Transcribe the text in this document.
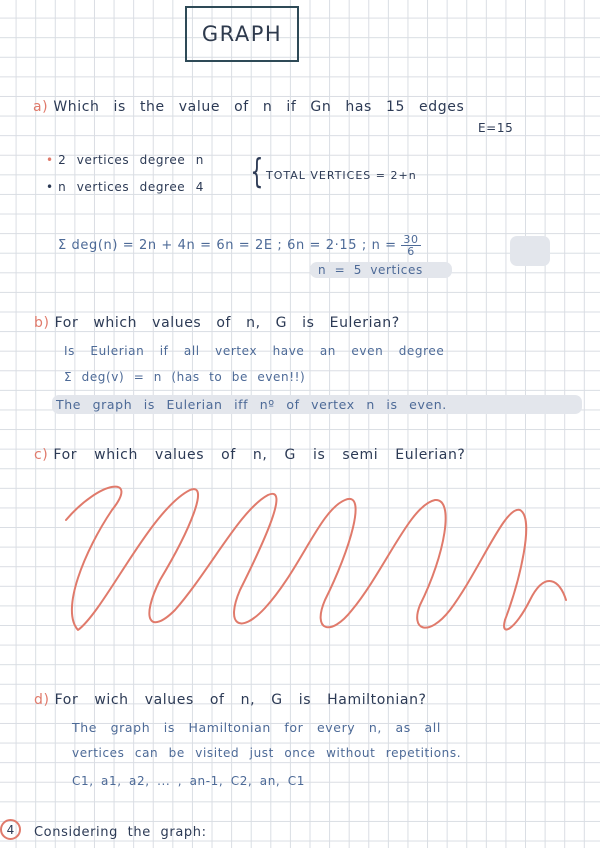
GRAPH
a) Which is the value of n if Gn has 15 edges
E=15
• 2 vertices degree n
• n vertices degree 4 { TOTAL VERTICES = 2+n
Σ deg(n) = 2n + 4n = 6n = 2E ; 6n = 2·15 ; $n = \frac{30}{6}$
n = 5 vertices
b) For which values of n, G is Eulerian?
Is Eulerian if all vertex have an even degree
Σ deg(v) = n (has to be even!!)
The graph is Eulerian iff nº of vertex n is even.
c) For which values of n, G is semi Eulerian?
d) For wich values of n, G is Hamiltonian?
The graph is Hamiltonian for every n, as all
vertices can be visited just once without repetitions.
C1, a1, a2, ... , an-1, C2, an, C1
4	Considering the graph:
